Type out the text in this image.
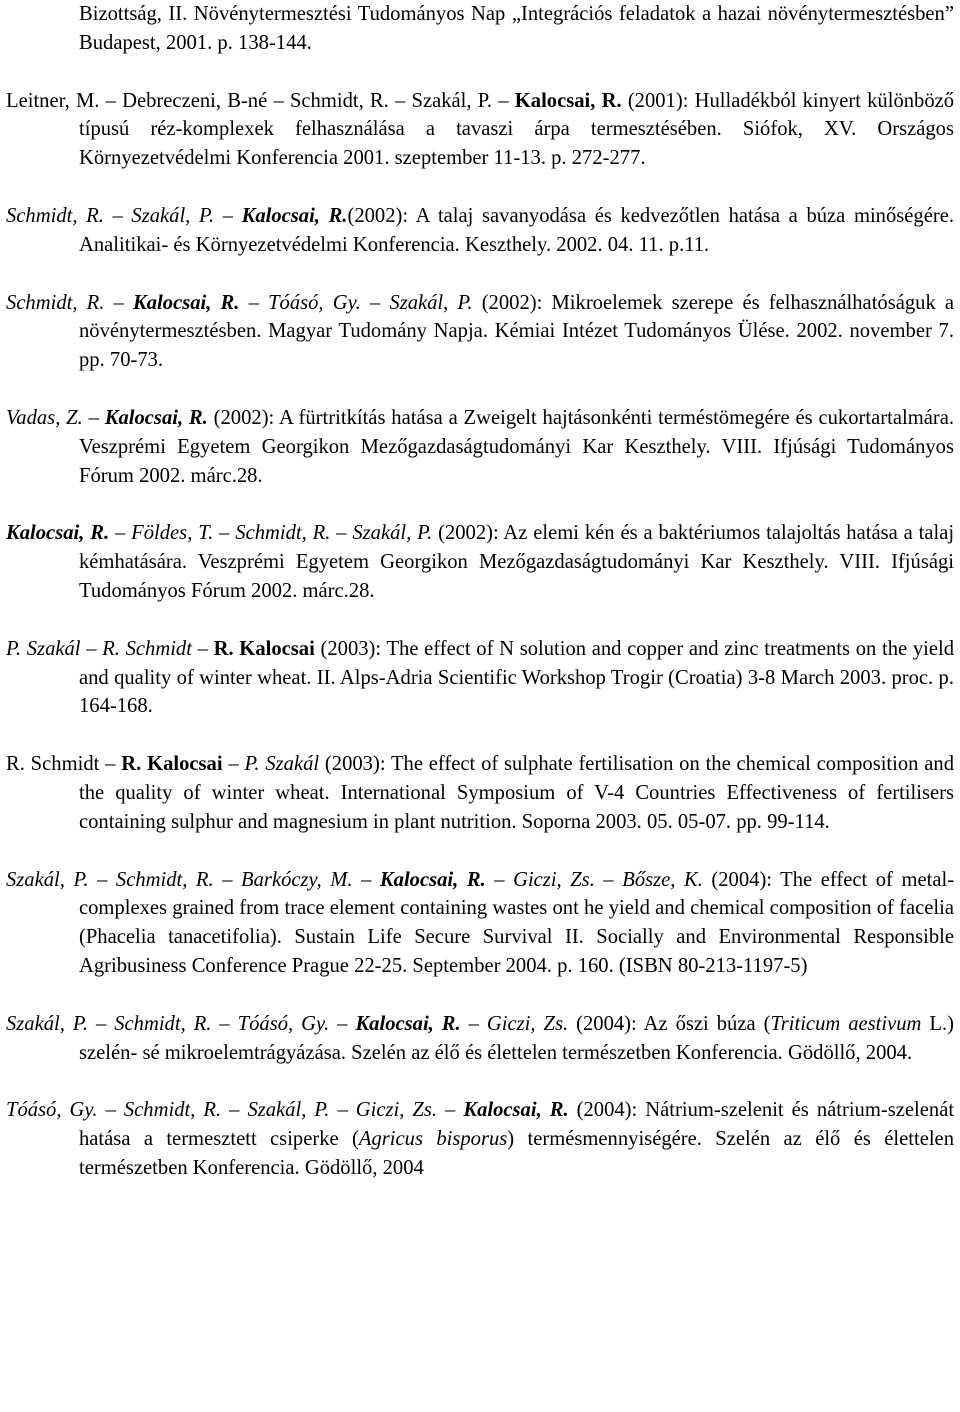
Bizottság, II. Növénytermesztési Tudományos Nap „Integrációs feladatok a hazai növénytermesztésben” Budapest, 2001. p. 138-144.

Leitner, M. – Debreczeni, B-né – Schmidt, R. – Szakál, P. – Kalocsai, R. (2001): Hulladékból kinyert különböző típusú réz-komplexek felhasználása a tavaszi árpa termesztésében. Siófok, XV. Országos Környezetvédelmi Konferencia 2001. szeptember 11-13. p. 272-277.

Schmidt, R. – Szakál, P. – Kalocsai, R.(2002): A talaj savanyodása és kedvezőtlen hatása a búza minőségére. Analitikai- és Környezetvédelmi Konferencia. Keszthely. 2002. 04. 11. p.11.

Schmidt, R. – Kalocsai, R. – Tóásó, Gy. – Szakál, P. (2002): Mikroelemek szerepe és felhasználhatóságuk a növénytermesztésben. Magyar Tudomány Napja. Kémiai Intézet Tudományos Ülése. 2002. november 7. pp. 70-73.

Vadas, Z. – Kalocsai, R. (2002): A fürtritkítás hatása a Zweigelt hajtásonkénti terméstömegére és cukortartalmára. Veszprémi Egyetem Georgikon Mezőgazdaságtudományi Kar Keszthely. VIII. Ifjúsági Tudományos Fórum 2002. márc.28.

Kalocsai, R. – Földes, T. – Schmidt, R. – Szakál, P. (2002): Az elemi kén és a baktériumos talajoltás hatása a talaj kémhatására. Veszprémi Egyetem Georgikon Mezőgazdaságtudományi Kar Keszthely. VIII. Ifjúsági Tudományos Fórum 2002. márc.28.

P. Szakál – R. Schmidt – R. Kalocsai (2003): The effect of N solution and copper and zinc treatments on the yield and quality of winter wheat. II. Alps-Adria Scientific Workshop Trogir (Croatia) 3-8 March 2003. proc. p. 164-168.

R. Schmidt – R. Kalocsai – P. Szakál (2003): The effect of sulphate fertilisation on the chemical composition and the quality of winter wheat. International Symposium of V-4 Countries Effectiveness of fertilisers containing sulphur and magnesium in plant nutrition. Soporna 2003. 05. 05-07. pp. 99-114.

Szakál, P. – Schmidt, R. – Barkóczy, M. – Kalocsai, R. – Giczi, Zs. – Bősze, K. (2004): The effect of metal-complexes grained from trace element containing wastes ont he yield and chemical composition of facelia (Phacelia tanacetifolia). Sustain Life Secure Survival II. Socially and Environmental Responsible Agribusiness Conference Prague 22-25. September 2004. p. 160. (ISBN 80-213-1197-5)

Szakál, P. – Schmidt, R. – Tóásó, Gy. – Kalocsai, R. – Giczi, Zs. (2004): Az őszi búza (Triticum aestivum L.) szelén- sé mikroelemtrágyázása. Szelén az élő és élettelen természetben Konferencia. Gödöllő, 2004.

Tóásó, Gy. – Schmidt, R. – Szakál, P. – Giczi, Zs. – Kalocsai, R. (2004): Nátrium-szelenit és nátrium-szelenát hatása a termesztett csiperke (Agricus bisporus) termésmennyiségére. Szelén az élő és élettelen természetben Konferencia. Gödöllő, 2004
